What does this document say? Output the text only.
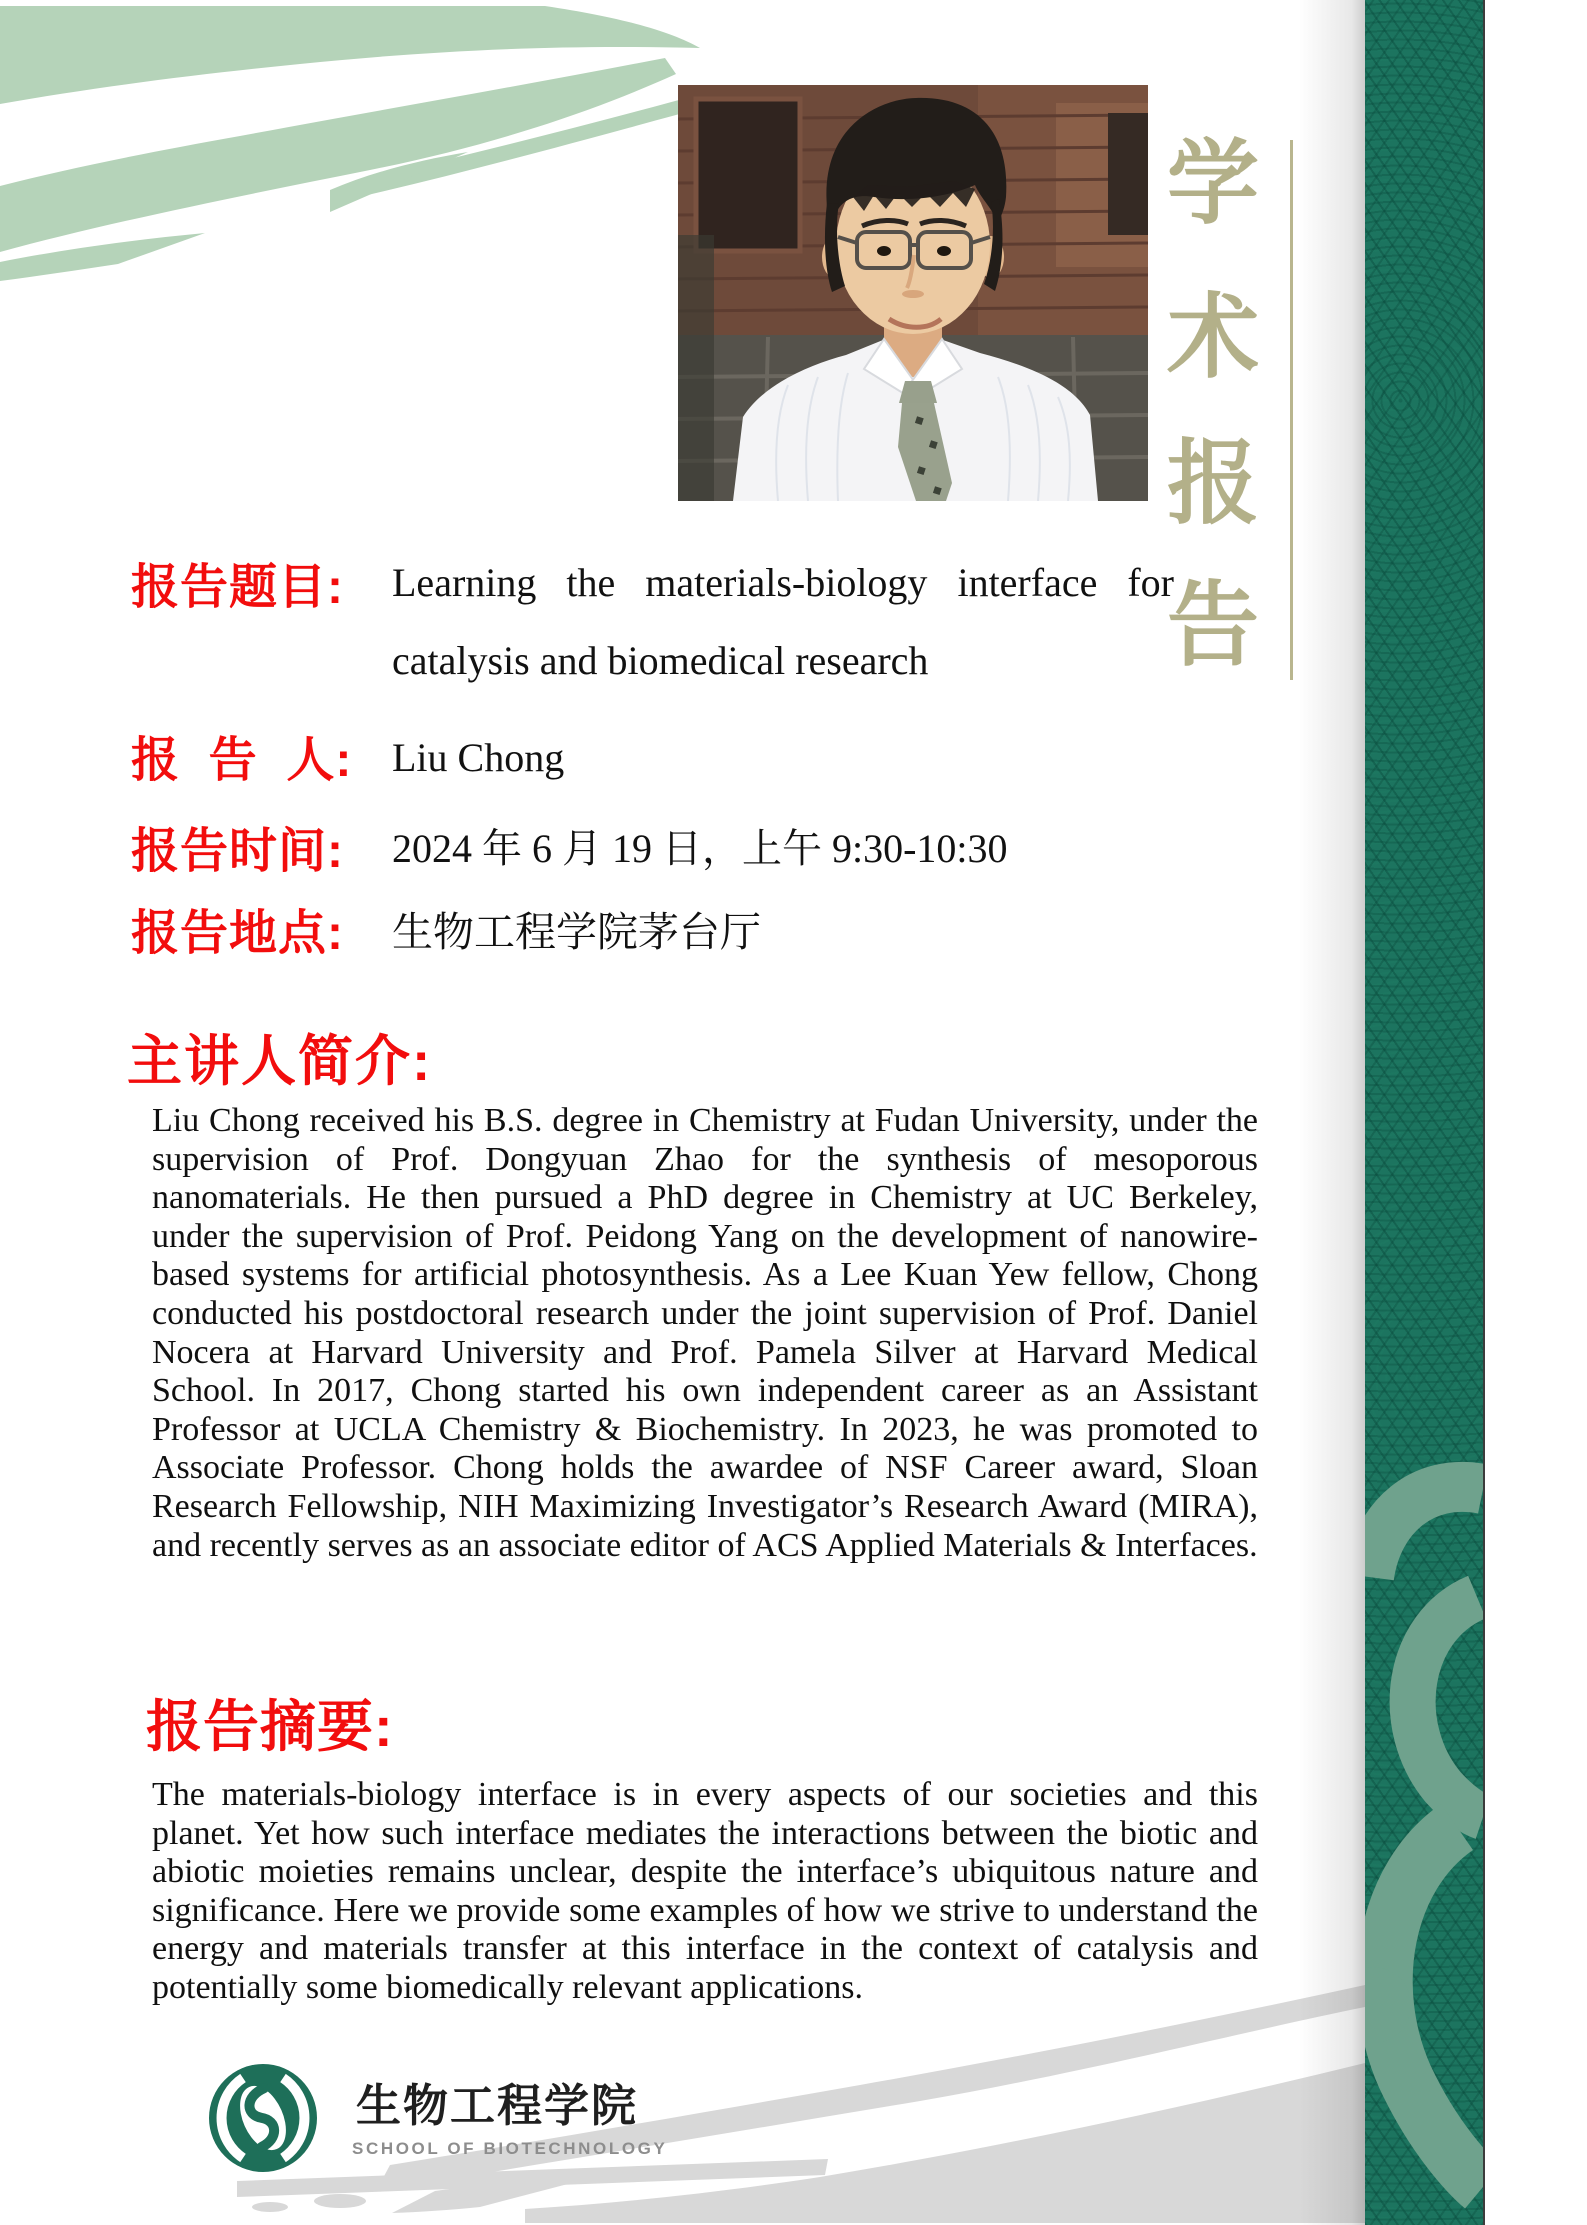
学
术
报
告
报告题目: Learning the materials-biology interface for
catalysis and biomedical research
报  告  人: Liu Chong
报告时间: 2024 年 6 月 19 日，上午 9:30-10:30
报告地点: 生物工程学院茅台厅
主讲人简介:
Liu Chong received his B.S. degree in Chemistry at Fudan University, under the supervision of Prof. Dongyuan Zhao for the synthesis of mesoporous nanomaterials. He then pursued a PhD degree in Chemistry at UC Berkeley, under the supervision of Prof. Peidong Yang on the development of nanowire-based systems for artificial photosynthesis. As a Lee Kuan Yew fellow, Chong conducted his postdoctoral research under the joint supervision of Prof. Daniel Nocera at Harvard University and Prof. Pamela Silver at Harvard Medical School. In 2017, Chong started his own independent career as an Assistant Professor at UCLA Chemistry & Biochemistry. In 2023, he was promoted to Associate Professor. Chong holds the awardee of NSF Career award, Sloan Research Fellowship, NIH Maximizing Investigator’s Research Award (MIRA), and recently serves as an associate editor of ACS Applied Materials & Interfaces.
报告摘要:
The materials-biology interface is in every aspects of our societies and this planet. Yet how such interface mediates the interactions between the biotic and abiotic moieties remains unclear, despite the interface’s ubiquitous nature and significance. Here we provide some examples of how we strive to understand the energy and materials transfer at this interface in the context of catalysis and potentially some biomedically relevant applications.
生物工程学院
SCHOOL OF BIOTECHNOLOGY
